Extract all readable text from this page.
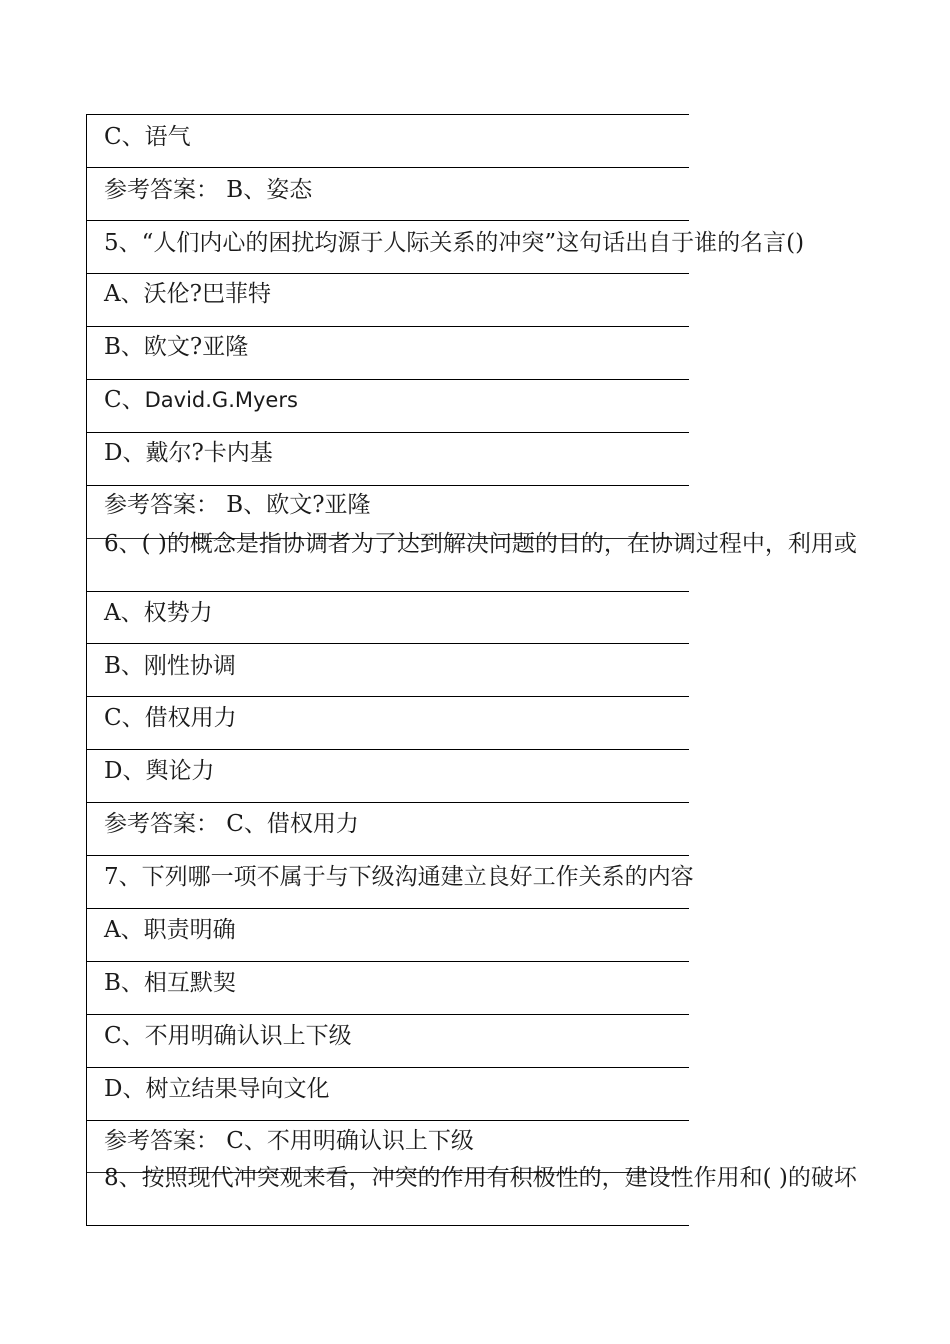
C、语气
参考答案： B、姿态
5、“人们内心的困扰均源于人际关系的冲突”这句话出自于谁的名言()
A、沃伦?巴菲特
B、欧文?亚隆
C、David.G.Myers
D、戴尔?卡内基
参考答案： B、欧文?亚隆
6、( )的概念是指协调者为了达到解决问题的目的，在协调过程中，利用或
A、权势力
B、刚性协调
C、借权用力
D、舆论力
参考答案： C、借权用力
7、下列哪一项不属于与下级沟通建立良好工作关系的内容
A、职责明确
B、相互默契
C、不用明确认识上下级
D、树立结果导向文化
参考答案： C、不用明确认识上下级
8、按照现代冲突观来看，冲突的作用有积极性的，建设性作用和( )的破坏
